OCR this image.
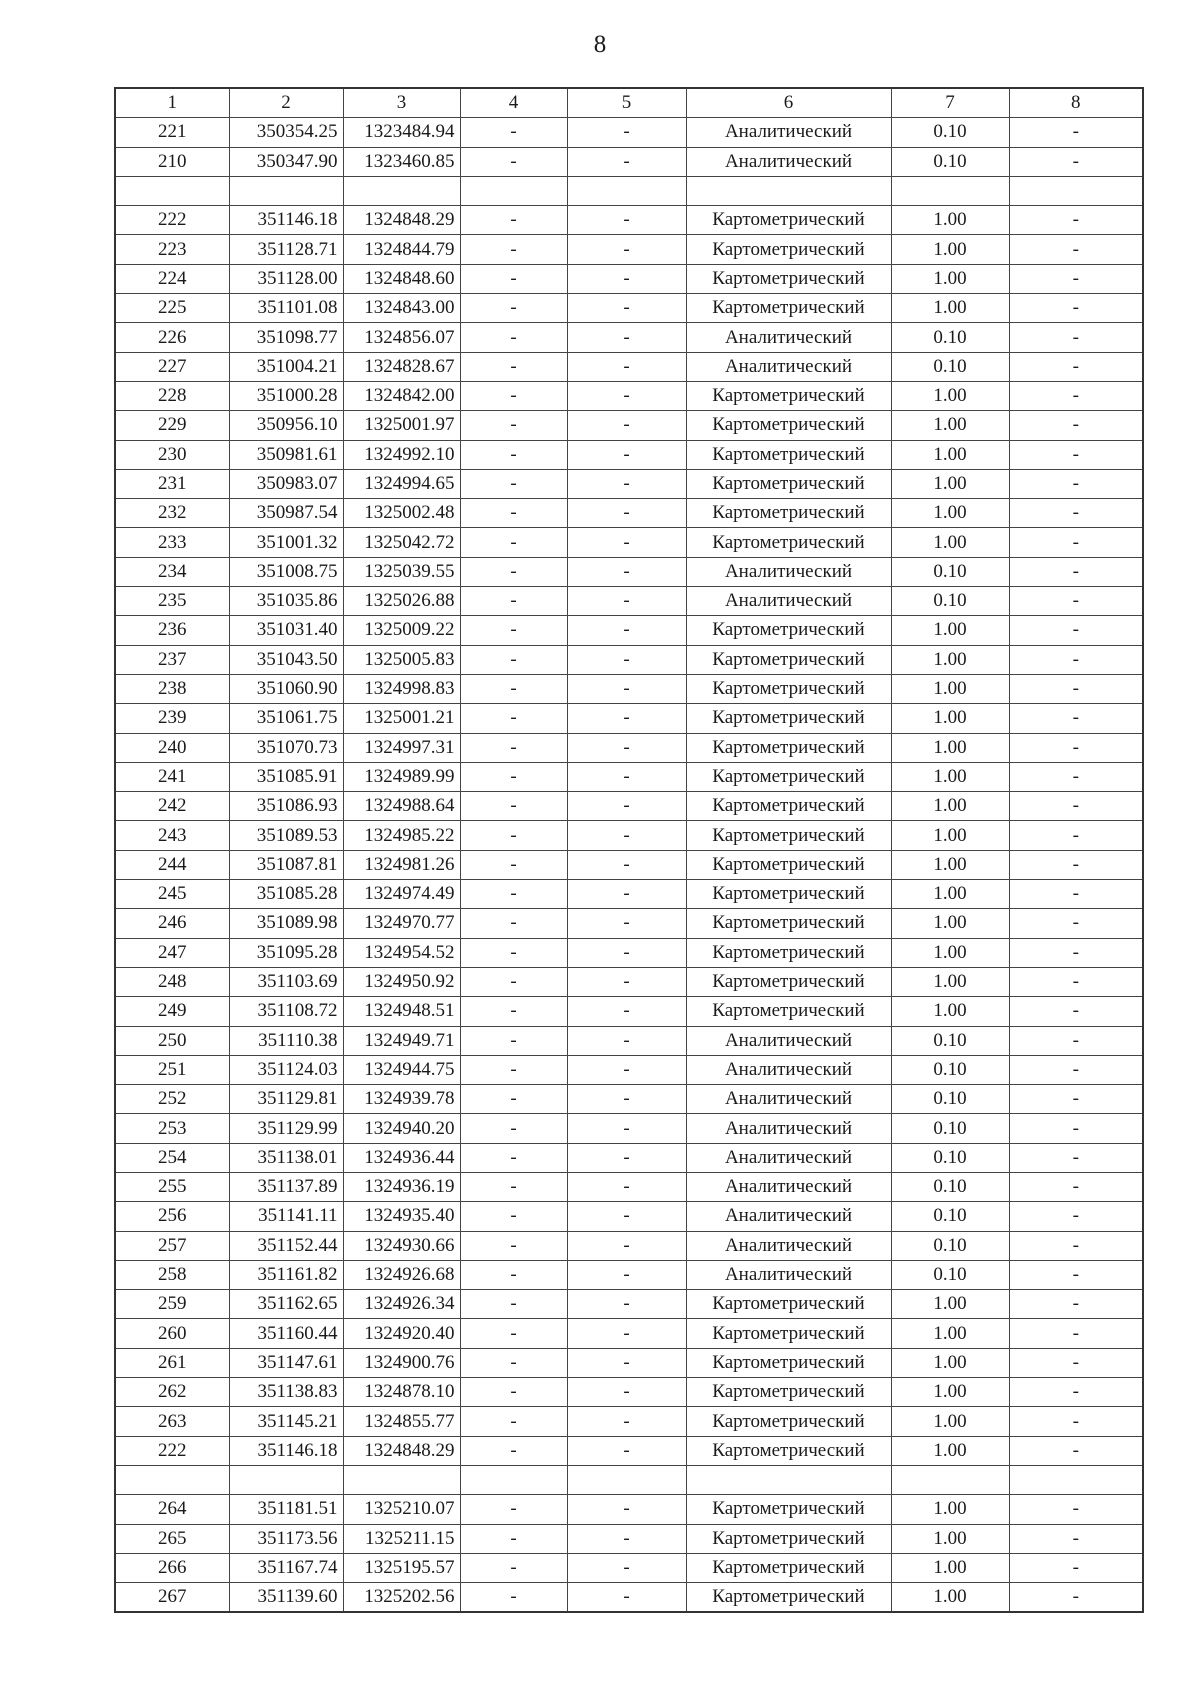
8
1	2	3	4	5	6	7	8
221	350354.25	1323484.94	-	-	Аналитический	0.10	-
210	350347.90	1323460.85	-	-	Аналитический	0.10	-

222	351146.18	1324848.29	-	-	Картометрический	1.00	-
223	351128.71	1324844.79	-	-	Картометрический	1.00	-
224	351128.00	1324848.60	-	-	Картометрический	1.00	-
225	351101.08	1324843.00	-	-	Картометрический	1.00	-
226	351098.77	1324856.07	-	-	Аналитический	0.10	-
227	351004.21	1324828.67	-	-	Аналитический	0.10	-
228	351000.28	1324842.00	-	-	Картометрический	1.00	-
229	350956.10	1325001.97	-	-	Картометрический	1.00	-
230	350981.61	1324992.10	-	-	Картометрический	1.00	-
231	350983.07	1324994.65	-	-	Картометрический	1.00	-
232	350987.54	1325002.48	-	-	Картометрический	1.00	-
233	351001.32	1325042.72	-	-	Картометрический	1.00	-
234	351008.75	1325039.55	-	-	Аналитический	0.10	-
235	351035.86	1325026.88	-	-	Аналитический	0.10	-
236	351031.40	1325009.22	-	-	Картометрический	1.00	-
237	351043.50	1325005.83	-	-	Картометрический	1.00	-
238	351060.90	1324998.83	-	-	Картометрический	1.00	-
239	351061.75	1325001.21	-	-	Картометрический	1.00	-
240	351070.73	1324997.31	-	-	Картометрический	1.00	-
241	351085.91	1324989.99	-	-	Картометрический	1.00	-
242	351086.93	1324988.64	-	-	Картометрический	1.00	-
243	351089.53	1324985.22	-	-	Картометрический	1.00	-
244	351087.81	1324981.26	-	-	Картометрический	1.00	-
245	351085.28	1324974.49	-	-	Картометрический	1.00	-
246	351089.98	1324970.77	-	-	Картометрический	1.00	-
247	351095.28	1324954.52	-	-	Картометрический	1.00	-
248	351103.69	1324950.92	-	-	Картометрический	1.00	-
249	351108.72	1324948.51	-	-	Картометрический	1.00	-
250	351110.38	1324949.71	-	-	Аналитический	0.10	-
251	351124.03	1324944.75	-	-	Аналитический	0.10	-
252	351129.81	1324939.78	-	-	Аналитический	0.10	-
253	351129.99	1324940.20	-	-	Аналитический	0.10	-
254	351138.01	1324936.44	-	-	Аналитический	0.10	-
255	351137.89	1324936.19	-	-	Аналитический	0.10	-
256	351141.11	1324935.40	-	-	Аналитический	0.10	-
257	351152.44	1324930.66	-	-	Аналитический	0.10	-
258	351161.82	1324926.68	-	-	Аналитический	0.10	-
259	351162.65	1324926.34	-	-	Картометрический	1.00	-
260	351160.44	1324920.40	-	-	Картометрический	1.00	-
261	351147.61	1324900.76	-	-	Картометрический	1.00	-
262	351138.83	1324878.10	-	-	Картометрический	1.00	-
263	351145.21	1324855.77	-	-	Картометрический	1.00	-
222	351146.18	1324848.29	-	-	Картометрический	1.00	-

264	351181.51	1325210.07	-	-	Картометрический	1.00	-
265	351173.56	1325211.15	-	-	Картометрический	1.00	-
266	351167.74	1325195.57	-	-	Картометрический	1.00	-
267	351139.60	1325202.56	-	-	Картометрический	1.00	-
